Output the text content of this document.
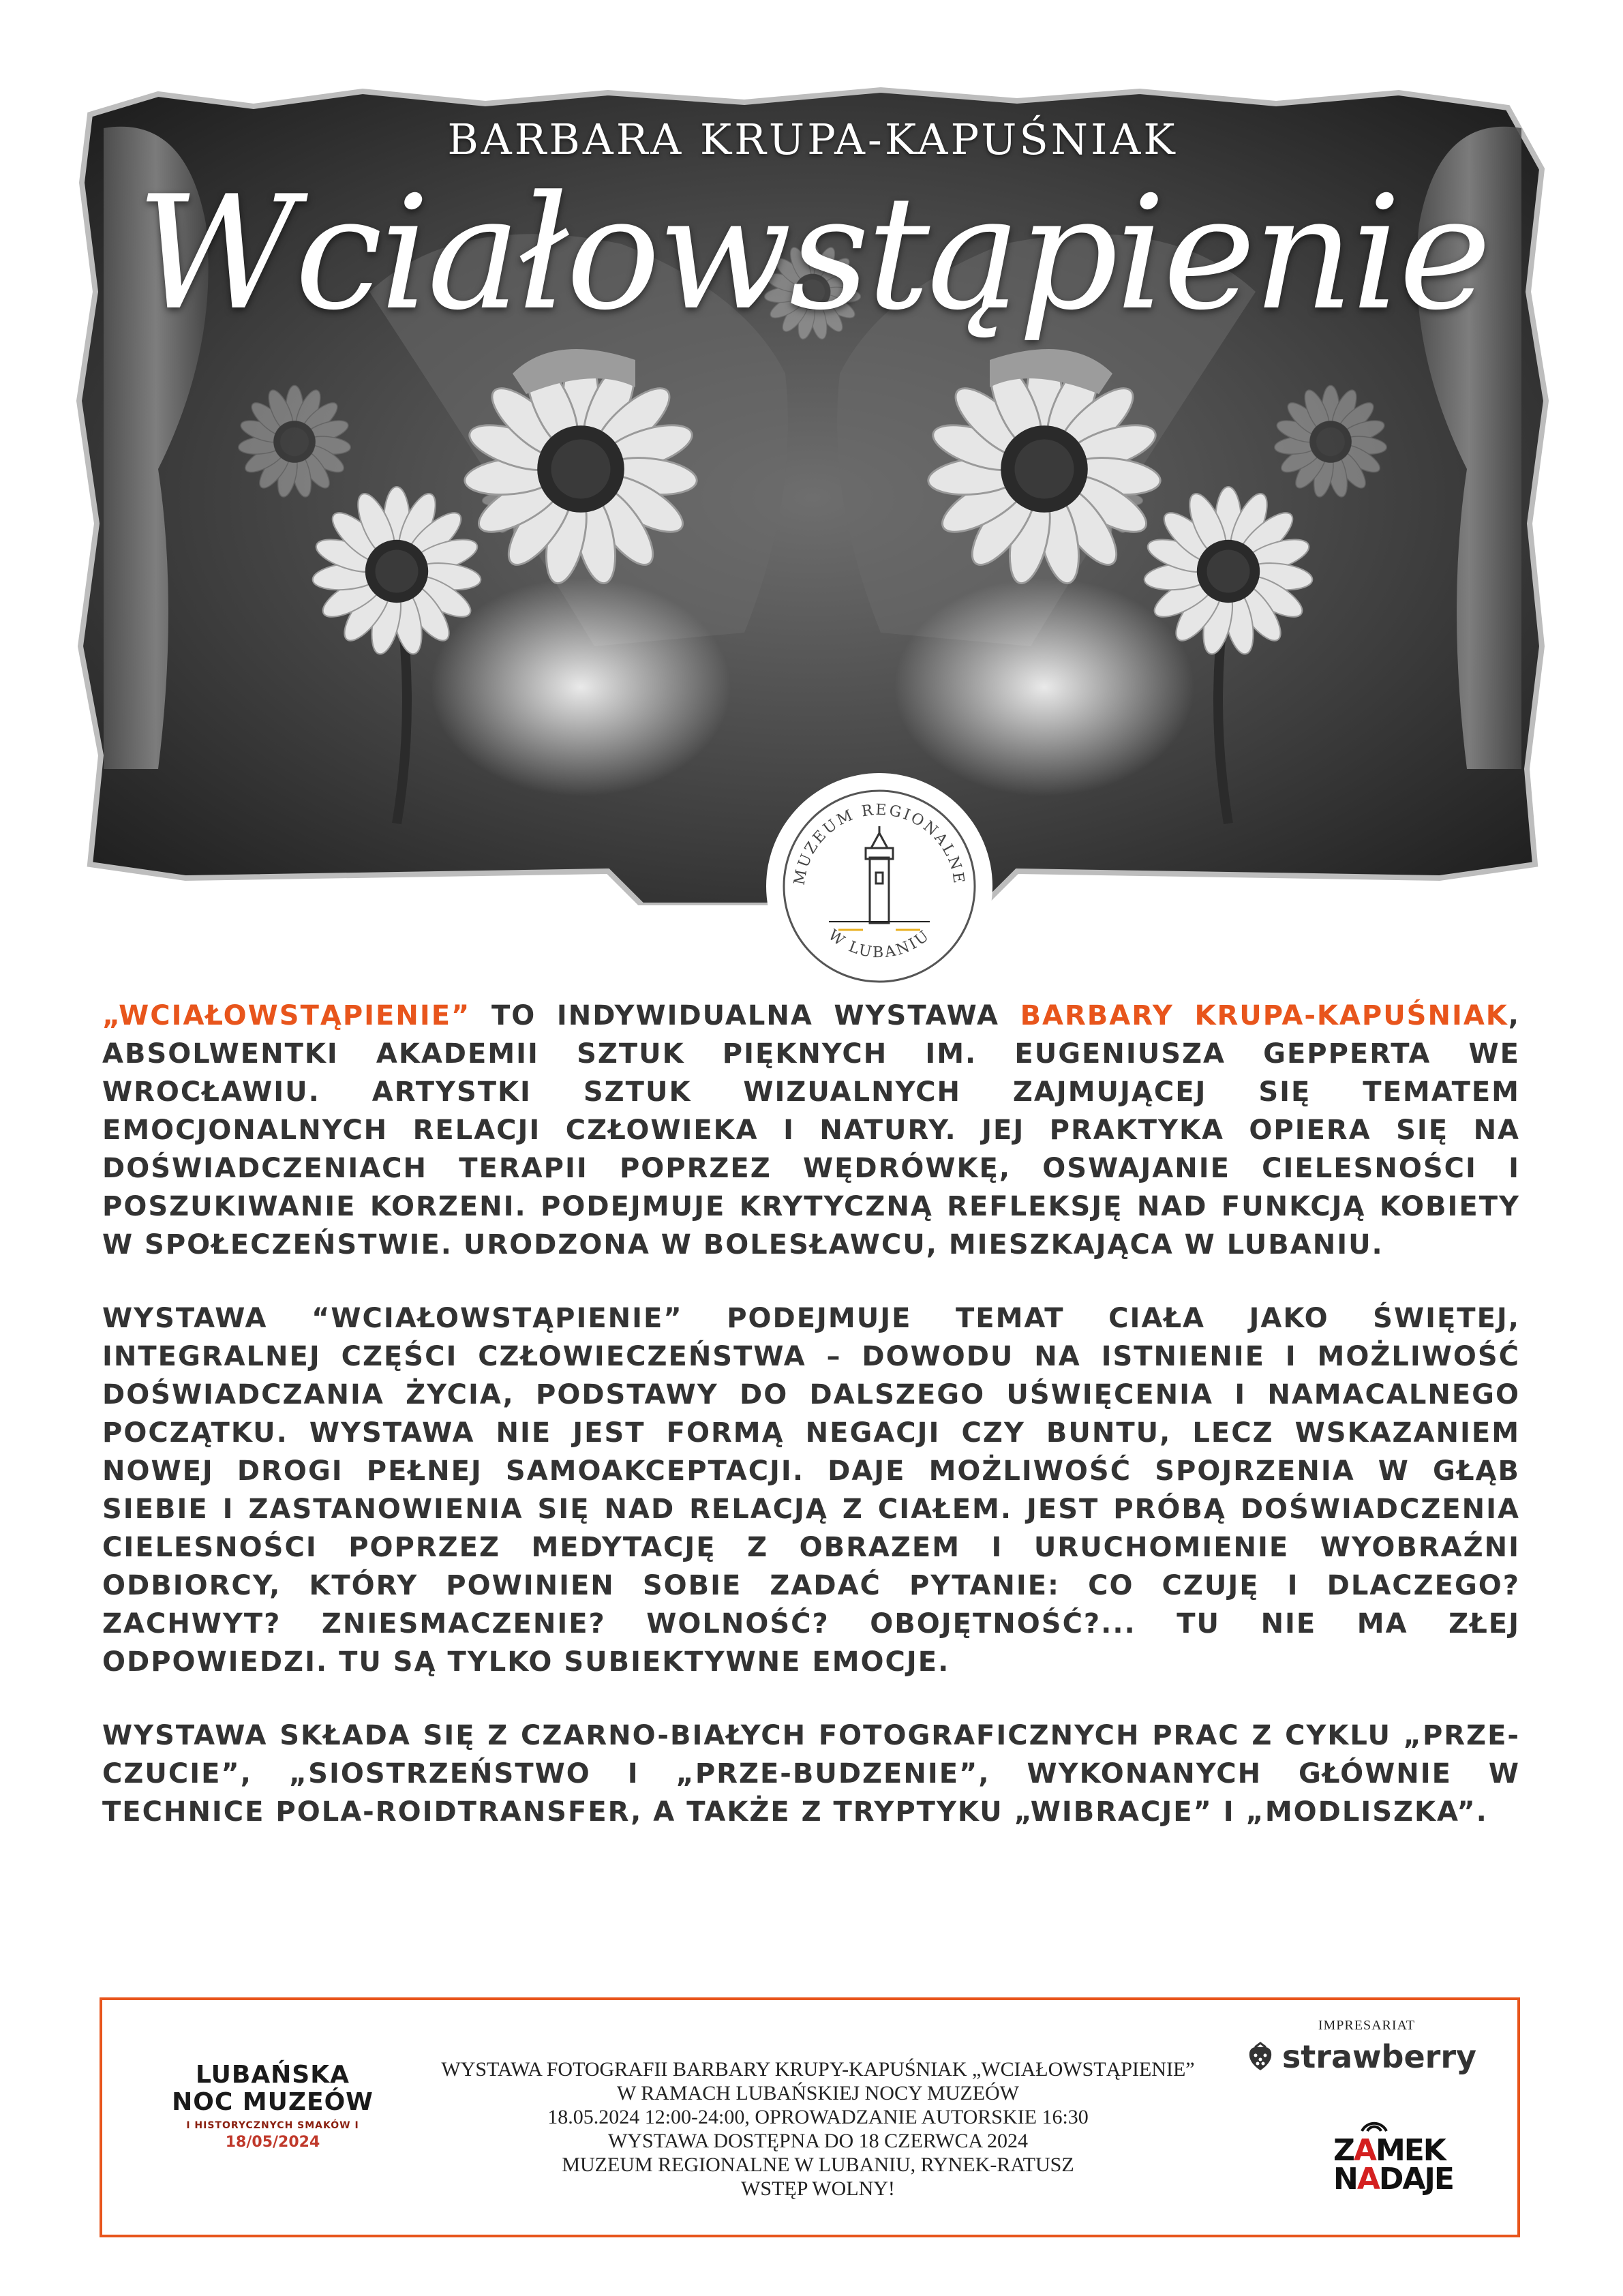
BARBARA KRUPA-KAPUŚNIAK
Wciałowstąpienie
MUZEUM REGIONALNE
W LUBANIU

„WCIAŁOWSTĄPIENIE” TO INDYWIDUALNA WYSTAWA BARBARY KRUPA-KAPUŚNIAK, ABSOLWENTKI AKADEMII SZTUK PIĘKNYCH IM. EUGENIUSZA GEPPERTA WE WROCŁAWIU. ARTYSTKI SZTUK WIZUALNYCH ZAJMUJĄCEJ SIĘ TEMATEM EMOCJONALNYCH RELACJI CZŁOWIEKA I NATURY. JEJ PRAKTYKA OPIERA SIĘ NA DOŚWIADCZENIACH TERAPII POPRZEZ WĘDRÓWKĘ, OSWAJANIE CIELESNOŚCI I POSZUKIWANIE KORZENI. PODEJMUJE KRYTYCZNĄ REFLEKSJĘ NAD FUNKCJĄ KOBIETY W SPOŁECZEŃSTWIE. URODZONA W BOLESŁAWCU, MIESZKAJĄCA W LUBANIU.

WYSTAWA “WCIAŁOWSTĄPIENIE” PODEJMUJE TEMAT CIAŁA JAKO ŚWIĘTEJ, INTEGRALNEJ CZĘŚCI CZŁOWIECZEŃSTWA – DOWODU NA ISTNIENIE I MOŻLIWOŚĆ DOŚWIADCZANIA ŻYCIA, PODSTAWY DO DALSZEGO UŚWIĘCENIA I NAMACALNEGO POCZĄTKU. WYSTAWA NIE JEST FORMĄ NEGACJI CZY BUNTU, LECZ WSKAZANIEM NOWEJ DROGI PEŁNEJ SAMOAKCEPTACJI. DAJE MOŻLIWOŚĆ SPOJRZENIA W GŁĄB SIEBIE I ZASTANOWIENIA SIĘ NAD RELACJĄ Z CIAŁEM. JEST PRÓBĄ DOŚWIADCZENIA CIELESNOŚCI POPRZEZ MEDYTACJĘ Z OBRAZEM I URUCHOMIENIE WYOBRAŹNI ODBIORCY, KTÓRY POWINIEN SOBIE ZADAĆ PYTANIE: CO CZUJĘ I DLACZEGO? ZACHWYT? ZNIESMACZENIE? WOLNOŚĆ? OBOJĘTNOŚĆ?... TU NIE MA ZŁEJ ODPOWIEDZI. TU SĄ TYLKO SUBIEKTYWNE EMOCJE.

WYSTAWA SKŁADA SIĘ Z CZARNO-BIAŁYCH FOTOGRAFICZNYCH PRAC Z CYKLU „PRZE-CZUCIE”, „SIOSTRZEŃSTWO I „PRZE-BUDZENIE”, WYKONANYCH GŁÓWNIE W TECHNICE POLA-ROIDTRANSFER, A TAKŻE Z TRYPTYKU „WIBRACJE” I „MODLISZKA”.

LUBAŃSKA
NOC MUZEÓW
I HISTORYCZNYCH SMAKÓW I
18/05/2024
WYSTAWA FOTOGRAFII BARBARY KRUPY-KAPUŚNIAK „WCIAŁOWSTĄPIENIE”
W RAMACH LUBAŃSKIEJ NOCY MUZEÓW
18.05.2024 12:00-24:00, OPROWADZANIE AUTORSKIE 16:30
WYSTAWA DOSTĘPNA DO 18 CZERWCA 2024
MUZEUM REGIONALNE W LUBANIU, RYNEK-RATUSZ
WSTĘP WOLNY!
IMPRESARIAT
strawberry
ZAMEK
NADAJE
